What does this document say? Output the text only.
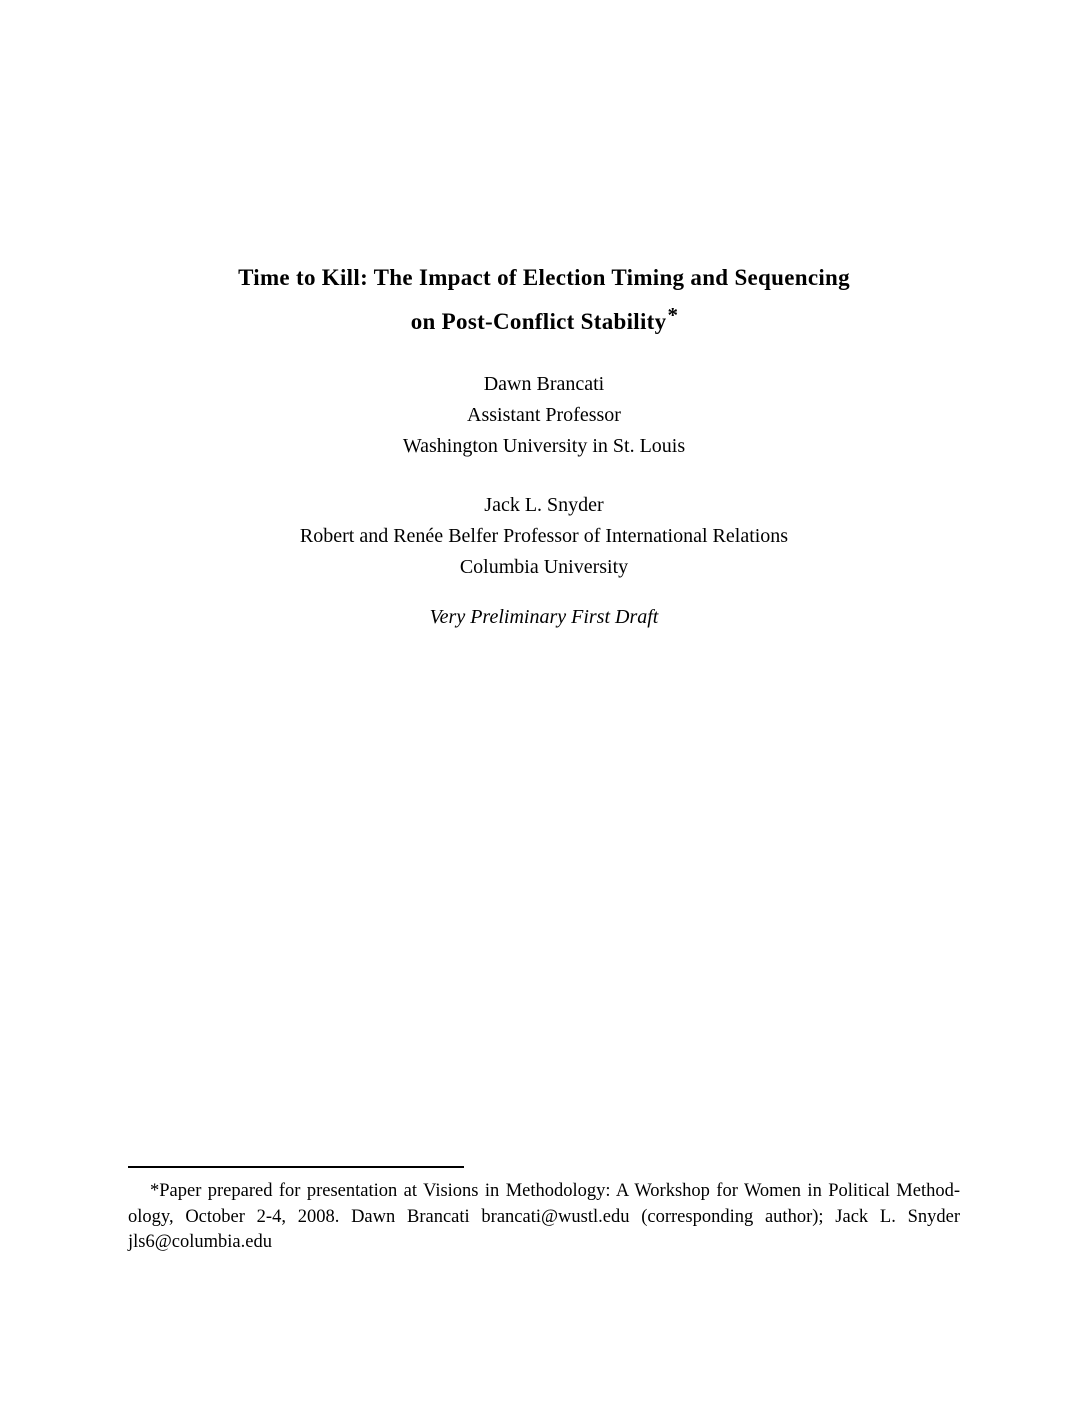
Time to Kill: The Impact of Election Timing and Sequencing
on Post-Conflict Stability*
Dawn Brancati
Assistant Professor
Washington University in St. Louis
Jack L. Snyder
Robert and Renée Belfer Professor of International Relations
Columbia University
Very Preliminary First Draft
*Paper prepared for presentation at Visions in Methodology: A Workshop for Women in Political Method-
ology, October 2-4, 2008. Dawn Brancati brancati@wustl.edu (corresponding author); Jack L. Snyder
jls6@columbia.edu
